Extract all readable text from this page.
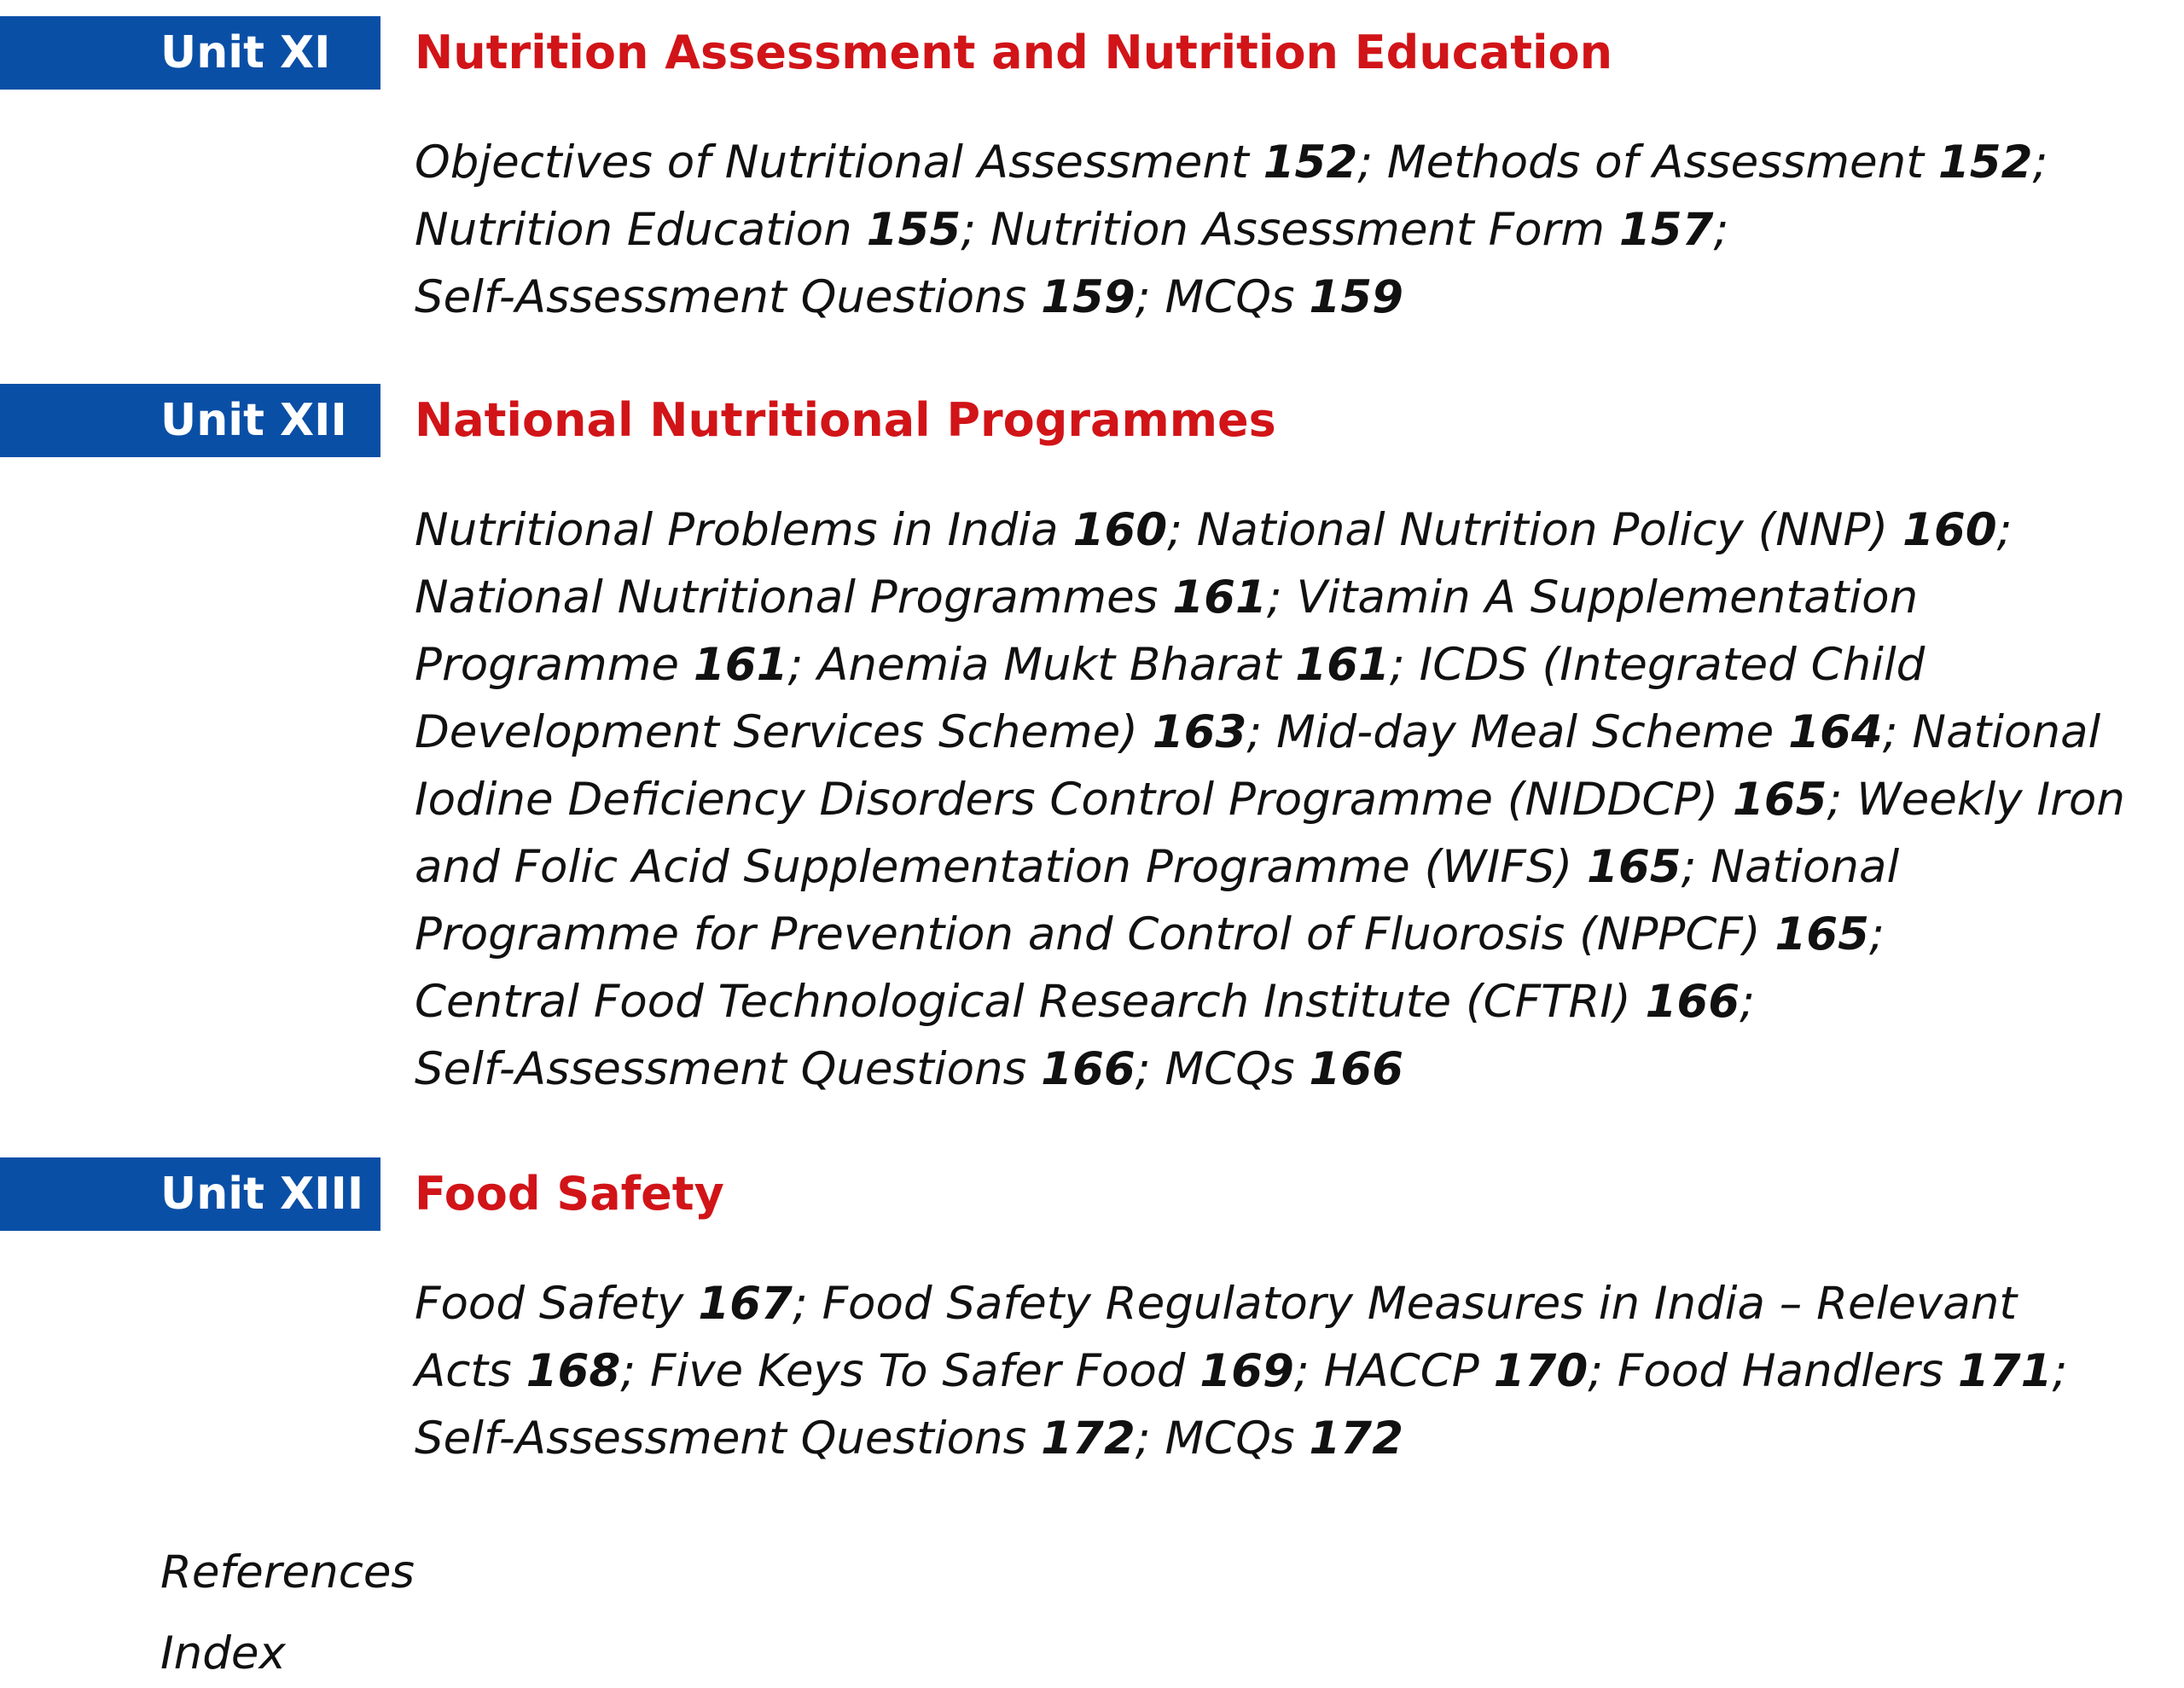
Unit XI	Nutrition Assessment and Nutrition Education

Objectives of Nutritional Assessment 152; Methods of Assessment 152;
Nutrition Education 155; Nutrition Assessment Form 157;
Self-Assessment Questions 159; MCQs 159

Unit XII	National Nutritional Programmes

Nutritional Problems in India 160; National Nutrition Policy (NNP) 160;
National Nutritional Programmes 161; Vitamin A Supplementation
Programme 161; Anemia Mukt Bharat 161; ICDS (Integrated Child
Development Services Scheme) 163; Mid-day Meal Scheme 164; National
Iodine Deficiency Disorders Control Programme (NIDDCP) 165; Weekly Iron
and Folic Acid Supplementation Programme (WIFS) 165; National
Programme for Prevention and Control of Fluorosis (NPPCF) 165;
Central Food Technological Research Institute (CFTRI) 166;
Self-Assessment Questions 166; MCQs 166

Unit XIII	Food Safety

Food Safety 167; Food Safety Regulatory Measures in India – Relevant
Acts 168; Five Keys To Safer Food 169; HACCP 170; Food Handlers 171;
Self-Assessment Questions 172; MCQs 172

References
Index
